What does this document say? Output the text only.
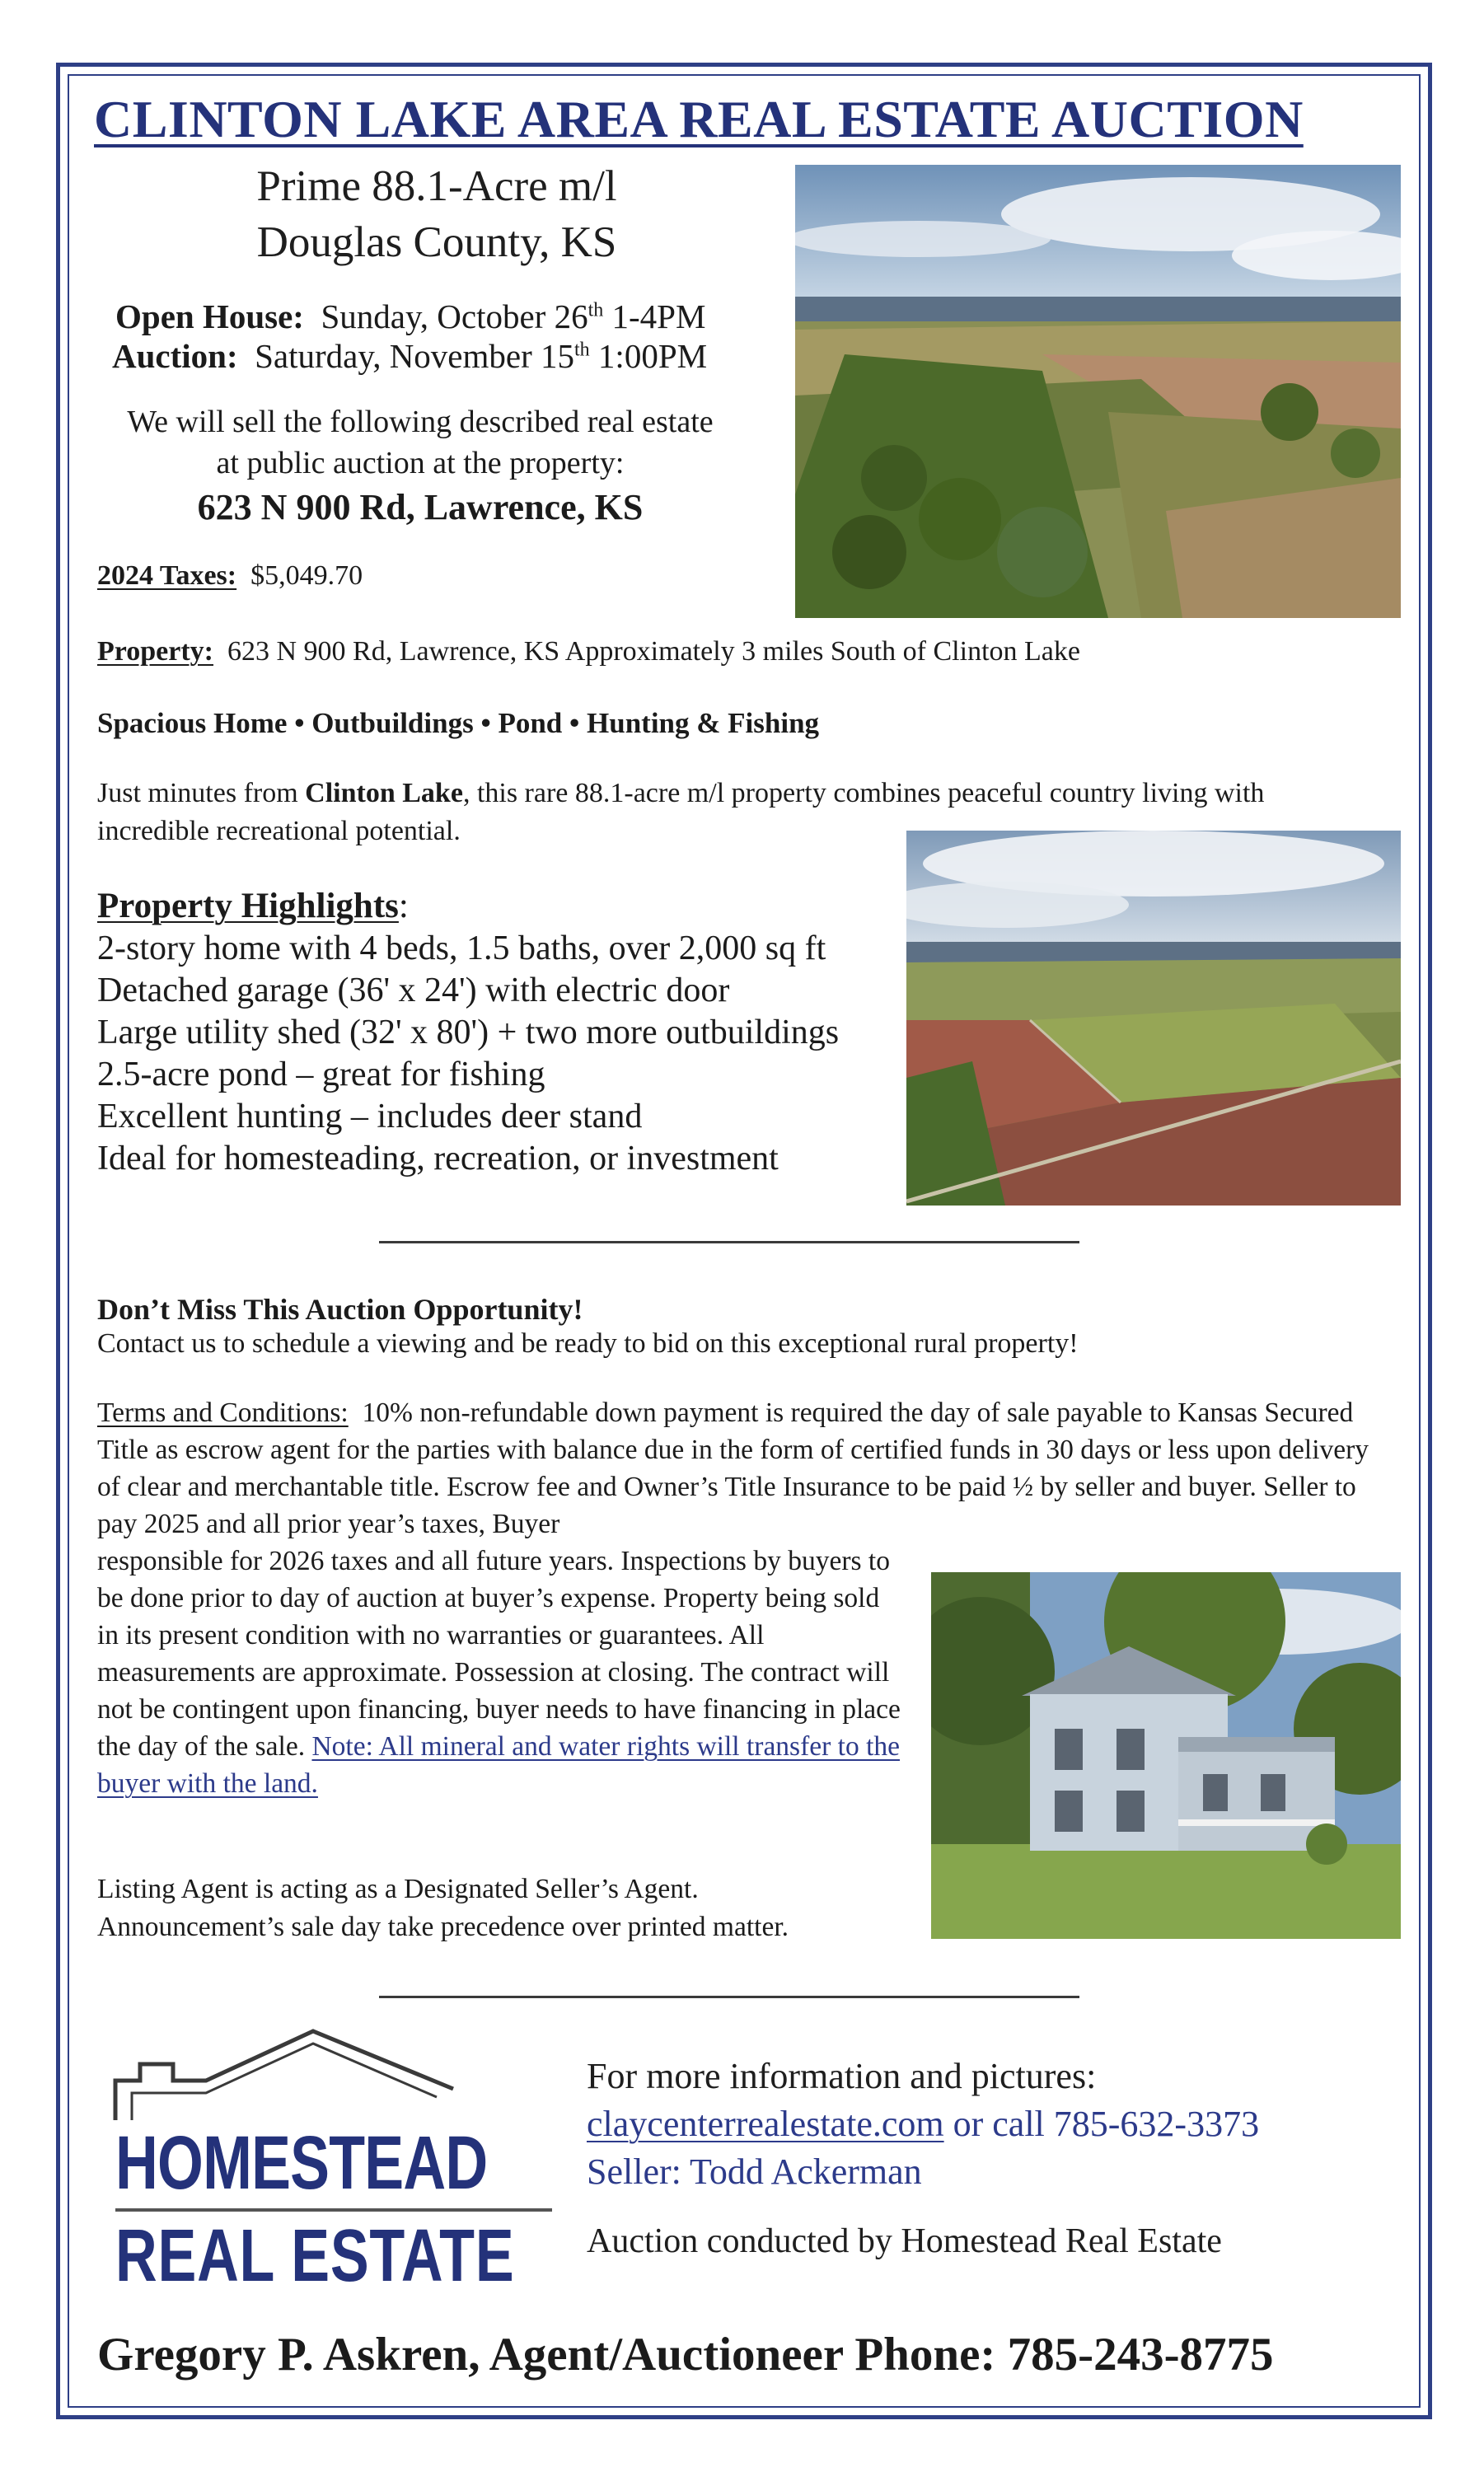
CLINTON LAKE AREA REAL ESTATE AUCTION
Prime 88.1-Acre m/l
Douglas County, KS
Open House: Sunday, October 26th 1-4PM
Auction: Saturday, November 15th 1:00PM
We will sell the following described real estate
at public auction at the property:
623 N 900 Rd, Lawrence, KS
2024 Taxes: $5,049.70
Property: 623 N 900 Rd, Lawrence, KS Approximately 3 miles South of Clinton Lake
Spacious Home • Outbuildings • Pond • Hunting & Fishing
Just minutes from Clinton Lake, this rare 88.1-acre m/l property combines peaceful country living with incredible recreational potential.
Property Highlights:
2-story home with 4 beds, 1.5 baths, over 2,000 sq ft
Detached garage (36' x 24') with electric door
Large utility shed (32' x 80') + two more outbuildings
2.5-acre pond – great for fishing
Excellent hunting – includes deer stand
Ideal for homesteading, recreation, or investment
Don’t Miss This Auction Opportunity!
Contact us to schedule a viewing and be ready to bid on this exceptional rural property!
Terms and Conditions: 10% non-refundable down payment is required the day of sale payable to Kansas Secured Title as escrow agent for the parties with balance due in the form of certified funds in 30 days or less upon delivery of clear and merchantable title. Escrow fee and Owner’s Title Insurance to be paid ½ by seller and buyer. Seller to pay 2025 and all prior year’s taxes, Buyer
responsible for 2026 taxes and all future years. Inspections by buyers to be done prior to day of auction at buyer’s expense. Property being sold in its present condition with no warranties or guarantees. All measurements are approximate. Possession at closing. The contract will not be contingent upon financing, buyer needs to have financing in place the day of the sale. Note: All mineral and water rights will transfer to the buyer with the land.
Listing Agent is acting as a Designated Seller’s Agent.
Announcement’s sale day take precedence over printed matter.
HOMESTEAD
REAL ESTATE
For more information and pictures:
claycenterrealestate.com or call 785-632-3373
Seller: Todd Ackerman
Auction conducted by Homestead Real Estate
Gregory P. Askren, Agent/Auctioneer Phone: 785-243-8775
